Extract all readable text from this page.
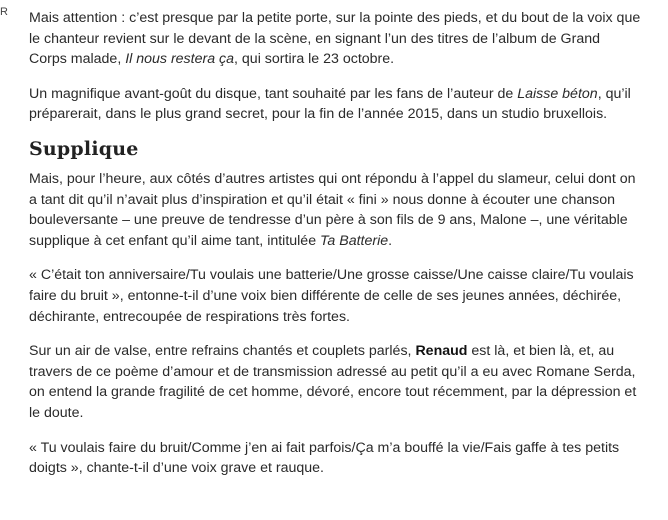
R Mais attention : c’est presque par la petite porte, sur la pointe des pieds, et du bout de la voix que le chanteur revient sur le devant de la scène, en signant l’un des titres de l’album de Grand Corps malade, Il nous restera ça, qui sortira le 23 octobre.

Un magnifique avant-goût du disque, tant souhaité par les fans de l’auteur de Laisse béton, qu’il préparerait, dans le plus grand secret, pour la fin de l’année 2015, dans un studio bruxellois.

Supplique

Mais, pour l’heure, aux côtés d’autres artistes qui ont répondu à l’appel du slameur, celui dont on a tant dit qu’il n’avait plus d’inspiration et qu’il était « fini » nous donne à écouter une chanson bouleversante – une preuve de tendresse d’un père à son fils de 9 ans, Malone –, une véritable supplique à cet enfant qu’il aime tant, intitulée Ta Batterie.

« C’était ton anniversaire/Tu voulais une batterie/Une grosse caisse/Une caisse claire/Tu voulais faire du bruit », entonne-t-il d’une voix bien différente de celle de ses jeunes années, déchirée, déchirante, entrecoupée de respirations très fortes.

Sur un air de valse, entre refrains chantés et couplets parlés, Renaud est là, et bien là, et, au travers de ce poème d’amour et de transmission adressé au petit qu’il a eu avec Romane Serda, on entend la grande fragilité de cet homme, dévoré, encore tout récemment, par la dépression et le doute.

« Tu voulais faire du bruit/Comme j’en ai fait parfois/Ça m’a bouffé la vie/Fais gaffe à tes petits doigts », chante-t-il d’une voix grave et rauque.
